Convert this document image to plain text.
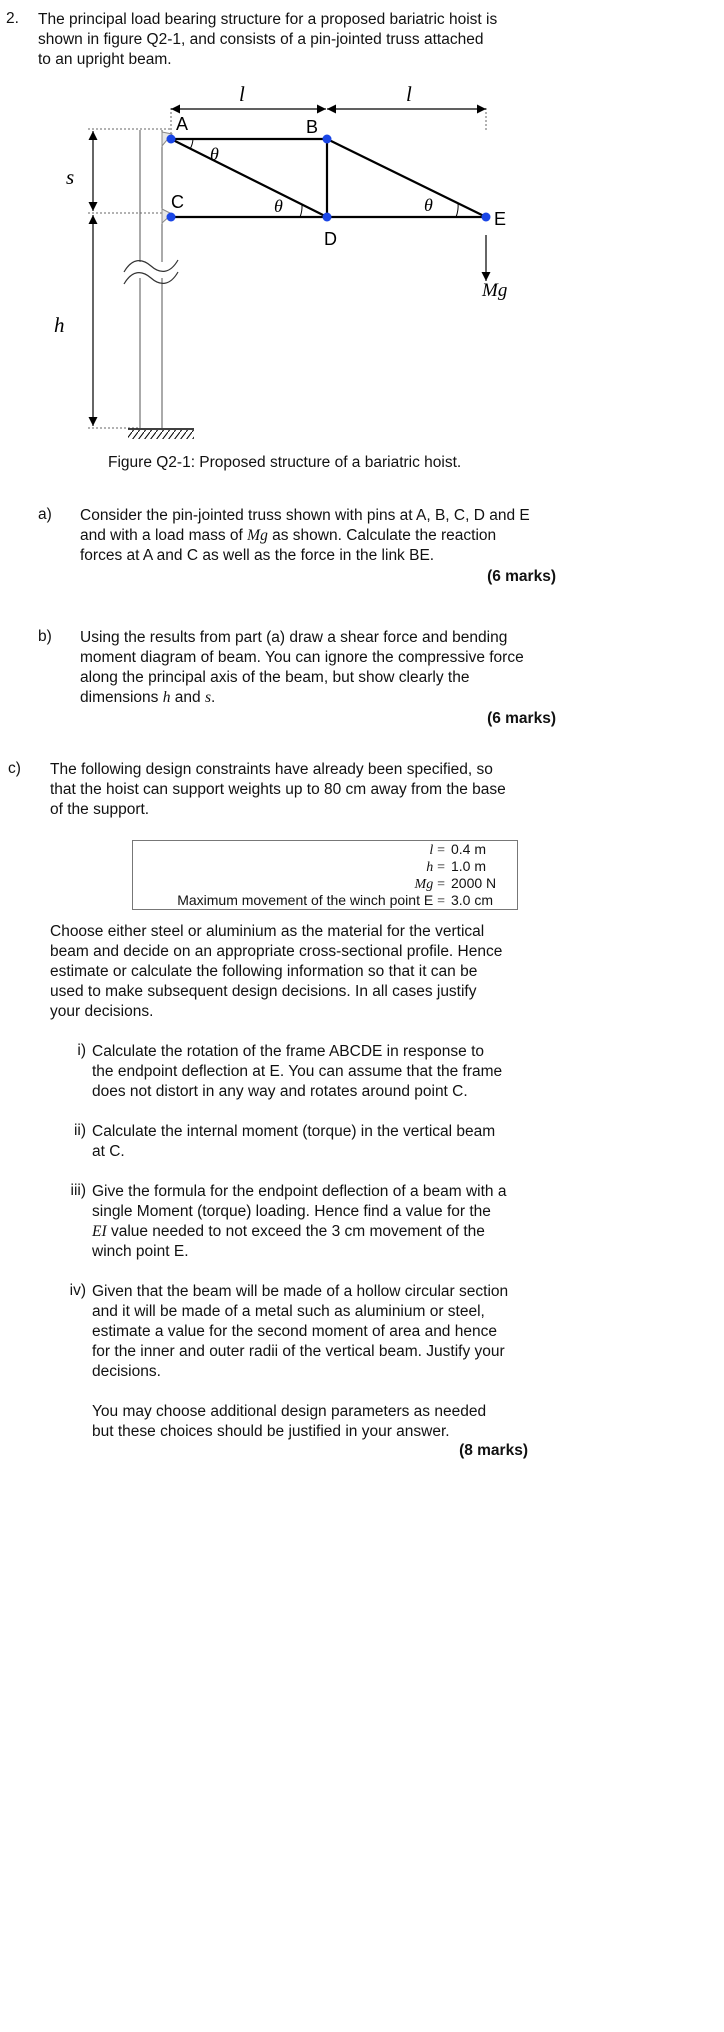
2. The principal load bearing structure for a proposed bariatric hoist is
shown in figure Q2-1, and consists of a pin-jointed truss attached
to an upright beam.
l	l
s
h
A	B
C
D
E
θ
θ	θ
Mg
Figure Q2-1: Proposed structure of a bariatric hoist.
a) Consider the pin-jointed truss shown with pins at A, B, C, D and E
and with a load mass of Mg as shown. Calculate the reaction
forces at A and C as well as the force in the link BE.
(6 marks)
b) Using the results from part (a) draw a shear force and bending
moment diagram of beam. You can ignore the compressive force
along the principal axis of the beam, but show clearly the
dimensions h and s.
(6 marks)
c) The following design constraints have already been specified, so
that the hoist can support weights up to 80 cm away from the base
of the support.
l = 0.4 m
h = 1.0 m
Mg = 2000 N
Maximum movement of the winch point E = 3.0 cm
Choose either steel or aluminium as the material for the vertical
beam and decide on an appropriate cross-sectional profile. Hence
estimate or calculate the following information so that it can be
used to make subsequent design decisions. In all cases justify
your decisions.
i) Calculate the rotation of the frame ABCDE in response to
the endpoint deflection at E. You can assume that the frame
does not distort in any way and rotates around point C.
ii) Calculate the internal moment (torque) in the vertical beam
at C.
iii) Give the formula for the endpoint deflection of a beam with a
single Moment (torque) loading. Hence find a value for the
EI value needed to not exceed the 3 cm movement of the
winch point E.
iv) Given that the beam will be made of a hollow circular section
and it will be made of a metal such as aluminium or steel,
estimate a value for the second moment of area and hence
for the inner and outer radii of the vertical beam. Justify your
decisions.
You may choose additional design parameters as needed
but these choices should be justified in your answer.
(8 marks)
